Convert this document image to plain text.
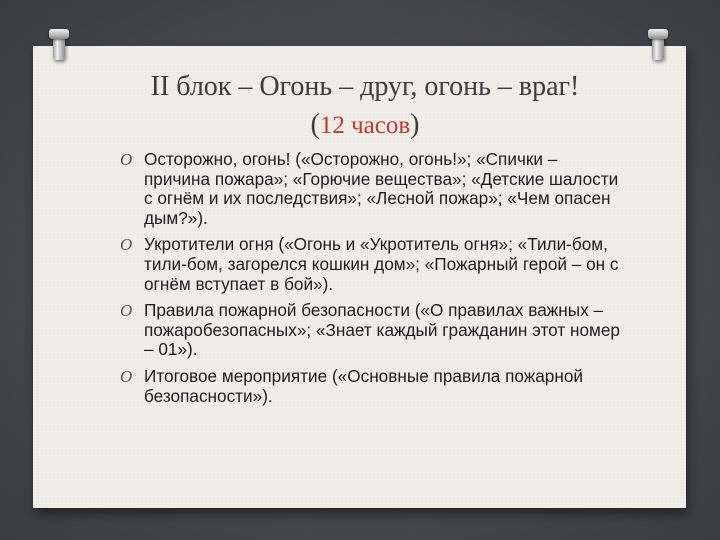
II блок – Огонь – друг, огонь – враг!
(12 часов)
O Осторожно, огонь! («Осторожно, огонь!»; «Спички – причина пожара»; «Горючие вещества»; «Детские шалости с огнём и их последствия»; «Лесной пожар»; «Чем опасен дым?»).
O Укротители огня («Огонь и «Укротитель огня»; «Тили-бом, тили-бом, загорелся кошкин дом»; «Пожарный герой – он с огнём вступает в бой»).
O Правила пожарной безопасности («О правилах важных – пожаробезопасных»; «Знает каждый гражданин этот номер – 01»).
O Итоговое мероприятие («Основные правила пожарной безопасности»).
